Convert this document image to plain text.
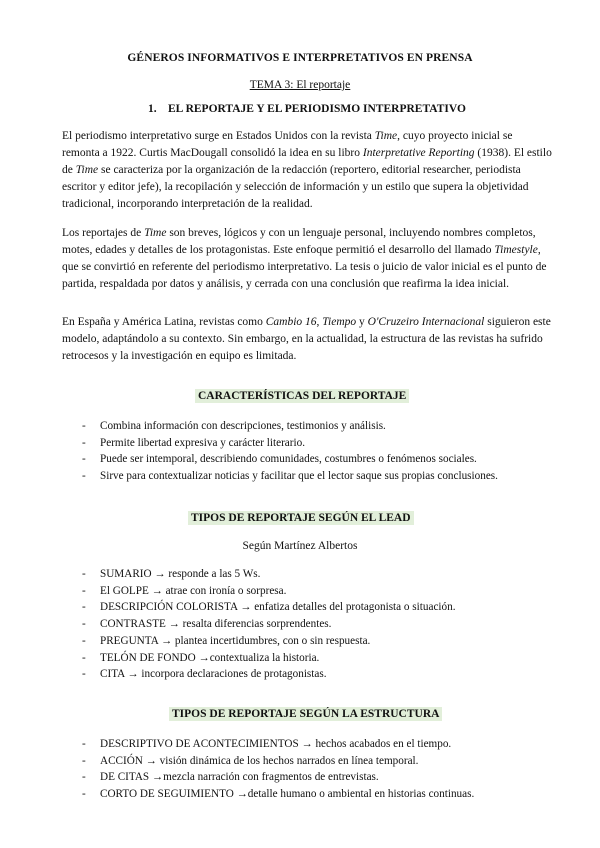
GÉNEROS INFORMATIVOS E INTERPRETATIVOS EN PRENSA
TEMA 3: El reportaje
1. EL REPORTAJE Y EL PERIODISMO INTERPRETATIVO

El periodismo interpretativo surge en Estados Unidos con la revista Time, cuyo proyecto inicial se remonta a 1922. Curtis MacDougall consolidó la idea en su libro Interpretative Reporting (1938). El estilo de Time se caracteriza por la organización de la redacción (reportero, editorial researcher, periodista escritor y editor jefe), la recopilación y selección de información y un estilo que supera la objetividad tradicional, incorporando interpretación de la realidad.

Los reportajes de Time son breves, lógicos y con un lenguaje personal, incluyendo nombres completos, motes, edades y detalles de los protagonistas. Este enfoque permitió el desarrollo del llamado Timestyle, que se convirtió en referente del periodismo interpretativo. La tesis o juicio de valor inicial es el punto de partida, respaldada por datos y análisis, y cerrada con una conclusión que reafirma la idea inicial.

En España y América Latina, revistas como Cambio 16, Tiempo y O'Cruzeiro Internacional siguieron este modelo, adaptándolo a su contexto. Sin embargo, en la actualidad, la estructura de las revistas ha sufrido retrocesos y la investigación en equipo es limitada.

CARACTERÍSTICAS DEL REPORTAJE
- Combina información con descripciones, testimonios y análisis.
- Permite libertad expresiva y carácter literario.
- Puede ser intemporal, describiendo comunidades, costumbres o fenómenos sociales.
- Sirve para contextualizar noticias y facilitar que el lector saque sus propias conclusiones.
TIPOS DE REPORTAJE SEGÚN EL LEAD
Según Martínez Albertos
- SUMARIO → responde a las 5 Ws.
- El GOLPE → atrae con ironía o sorpresa.
- DESCRIPCIÓN COLORISTA → enfatiza detalles del protagonista o situación.
- CONTRASTE → resalta diferencias sorprendentes.
- PREGUNTA → plantea incertidumbres, con o sin respuesta.
- TELÓN DE FONDO →contextualiza la historia.
- CITA → incorpora declaraciones de protagonistas.
TIPOS DE REPORTAJE SEGÚN LA ESTRUCTURA
- DESCRIPTIVO DE ACONTECIMIENTOS → hechos acabados en el tiempo.
- ACCIÓN → visión dinámica de los hechos narrados en línea temporal.
- DE CITAS →mezcla narración con fragmentos de entrevistas.
- CORTO DE SEGUIMIENTO →detalle humano o ambiental en historias continuas.
